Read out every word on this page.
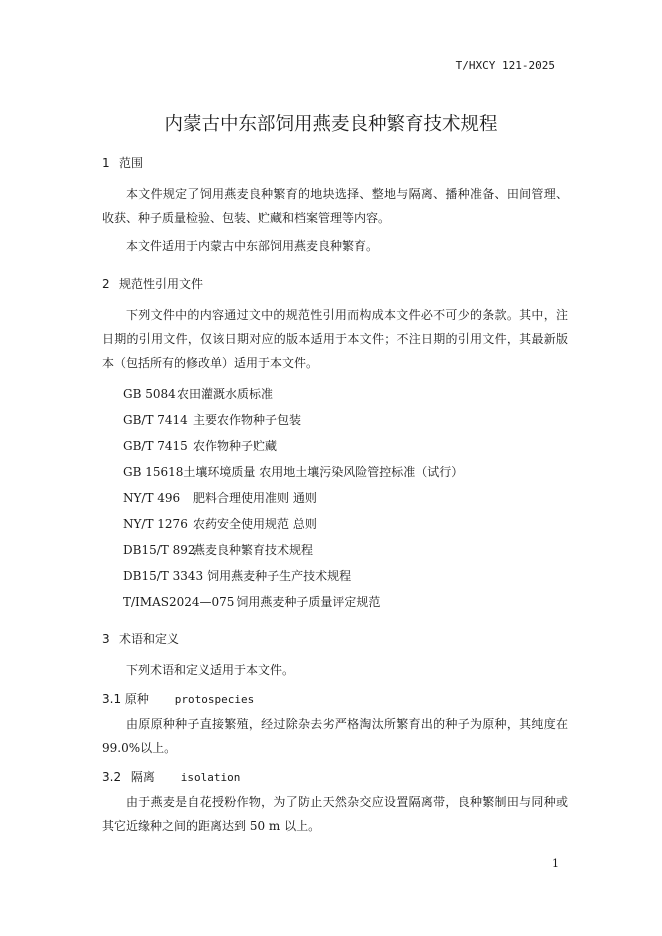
T/HXCY 121-2025
内蒙古中东部饲用燕麦良种繁育技术规程
1 范围
本文件规定了饲用燕麦良种繁育的地块选择、整地与隔离、播种准备、田间管理、收获、种子质量检验、包装、贮藏和档案管理等内容。
本文件适用于内蒙古中东部饲用燕麦良种繁育。
2 规范性引用文件
下列文件中的内容通过文中的规范性引用而构成本文件必不可少的条款。其中，注日期的引用文件，仅该日期对应的版本适用于本文件；不注日期的引用文件，其最新版本（包括所有的修改单）适用于本文件。
GB 5084农田灌溉水质标准
GB/T 7414 主要农作物种子包装
GB/T 7415 农作物种子贮藏
GB 15618土壤环境质量 农用地土壤污染风险管控标准（试行）
NY/T 496 肥料合理使用准则 通则
NY/T 1276 农药安全使用规范 总则
DB15/T 892燕麦良种繁育技术规程
DB15/T 3343 饲用燕麦种子生产技术规程
T/IMAS2024—075 饲用燕麦种子质量评定规范
3 术语和定义
下列术语和定义适用于本文件。
3.1 原种 protospecies
由原原种种子直接繁殖，经过除杂去劣严格淘汰所繁育出的种子为原种，其纯度在 99.0%以上。
3.2 隔离 isolation
由于燕麦是自花授粉作物，为了防止天然杂交应设置隔离带，良种繁制田与同种或其它近缘种之间的距离达到 50 m 以上。
1
